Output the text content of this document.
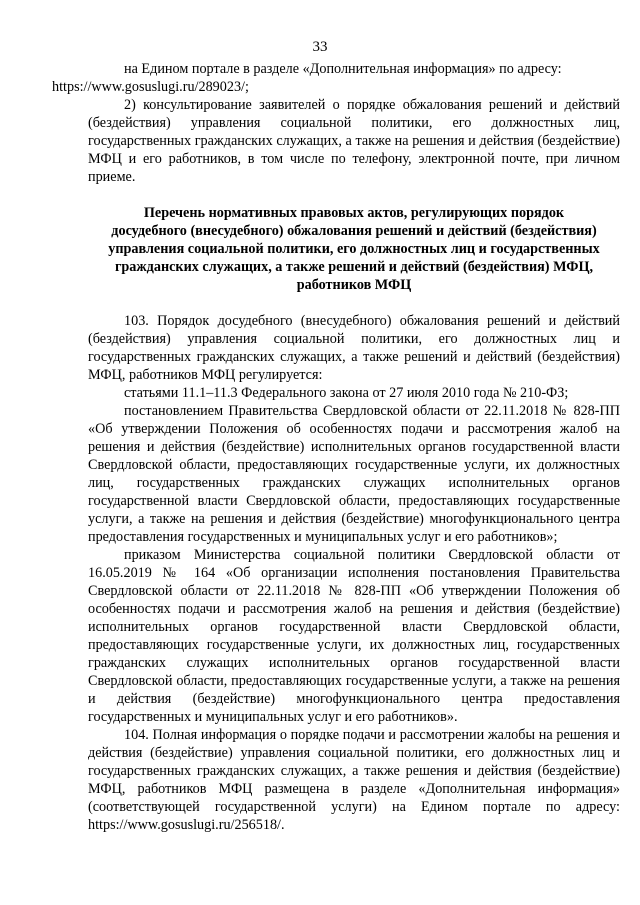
33

на Едином портале в разделе «Дополнительная информация» по адресу:
https://www.gosuslugi.ru/289023/;

2) консультирование заявителей о порядке обжалования решений и действий (бездействия) управления социальной политики, его должностных лиц, государственных гражданских служащих, а также на решения и действия (бездействие) МФЦ и его работников, в том числе по телефону, электронной почте, при личном приеме.

Перечень нормативных правовых актов, регулирующих порядок
досудебного (внесудебного) обжалования решений и действий (бездействия)
управления социальной политики, его должностных лиц и государственных
гражданских служащих, а также решений и действий (бездействия) МФЦ,
работников МФЦ

103. Порядок досудебного (внесудебного) обжалования решений и действий (бездействия) управления социальной политики, его должностных лиц и государственных гражданских служащих, а также решений и действий (бездействия) МФЦ, работников МФЦ регулируется:

статьями 11.1–11.3 Федерального закона от 27 июля 2010 года № 210-ФЗ;

постановлением Правительства Свердловской области от 22.11.2018 № 828-ПП «Об утверждении Положения об особенностях подачи и рассмотрения жалоб на решения и действия (бездействие) исполнительных органов государственной власти Свердловской области, предоставляющих государственные услуги, их должностных лиц, государственных гражданских служащих исполнительных органов государственной власти Свердловской области, предоставляющих государственные услуги, а также на решения и действия (бездействие) многофункционального центра предоставления государственных и муниципальных услуг и его работников»;

приказом Министерства социальной политики Свердловской области от 16.05.2019 № 164 «Об организации исполнения постановления Правительства Свердловской области от 22.11.2018 № 828-ПП «Об утверждении Положения об особенностях подачи и рассмотрения жалоб на решения и действия (бездействие) исполнительных органов государственной власти Свердловской области, предоставляющих государственные услуги, их должностных лиц, государственных гражданских служащих исполнительных органов государственной власти Свердловской области, предоставляющих государственные услуги, а также на решения и действия (бездействие) многофункционального центра предоставления государственных и муниципальных услуг и его работников».

104. Полная информация о порядке подачи и рассмотрении жалобы на решения и действия (бездействие) управления социальной политики, его должностных лиц и государственных гражданских служащих, а также решения и действия (бездействие) МФЦ, работников МФЦ размещена в разделе «Дополнительная информация» (соответствующей государственной услуги) на Едином портале по адресу: https://www.gosuslugi.ru/256518/.
